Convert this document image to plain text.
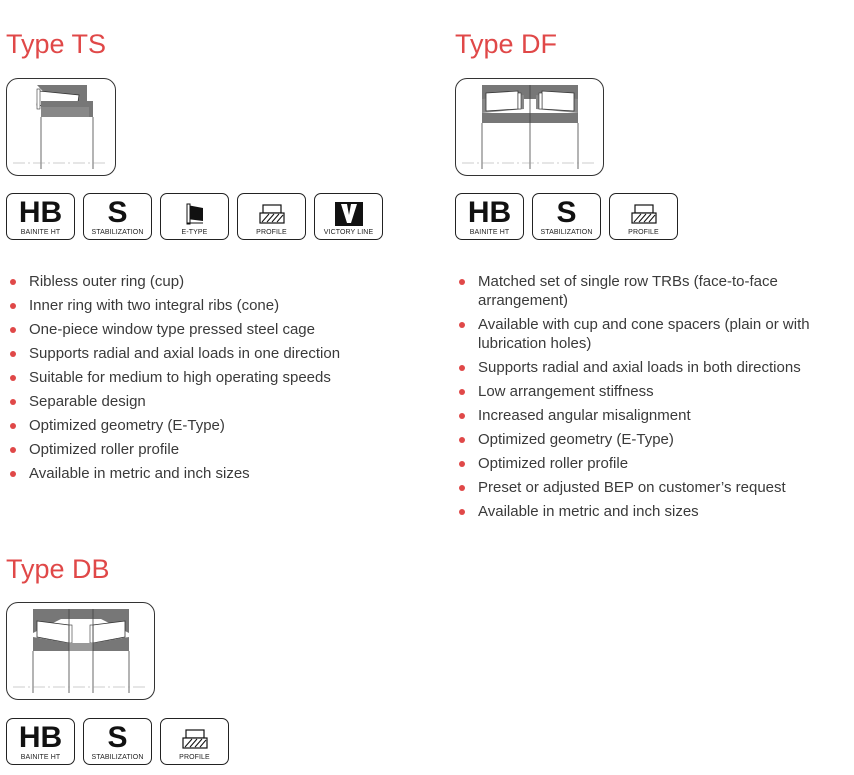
Type TS
HB
BAINITE HT
S
STABILIZATION	E-TYPE	PROFILE	VICTORY LINE
Ribless outer ring (cup)
Inner ring with two integral ribs (cone)
One-piece window type pressed steel cage
Supports radial and axial loads in one direction
Suitable for medium to high operating speeds
Separable design
Optimized geometry (E-Type)
Optimized roller profile
Available in metric and inch sizes
Type DF
HB
BAINITE HT
S
STABILIZATION	PROFILE
Matched set of single row TRBs (face-to-face arrangement)
Available with cup and cone spacers (plain or with lubrication holes)
Supports radial and axial loads in both directions
Low arrangement stiffness
Increased angular misalignment
Optimized geometry (E-Type)
Optimized roller profile
Preset or adjusted BEP on customer’s request
Available in metric and inch sizes
Type DB
HB
BAINITE HT
S
STABILIZATION	PROFILE
